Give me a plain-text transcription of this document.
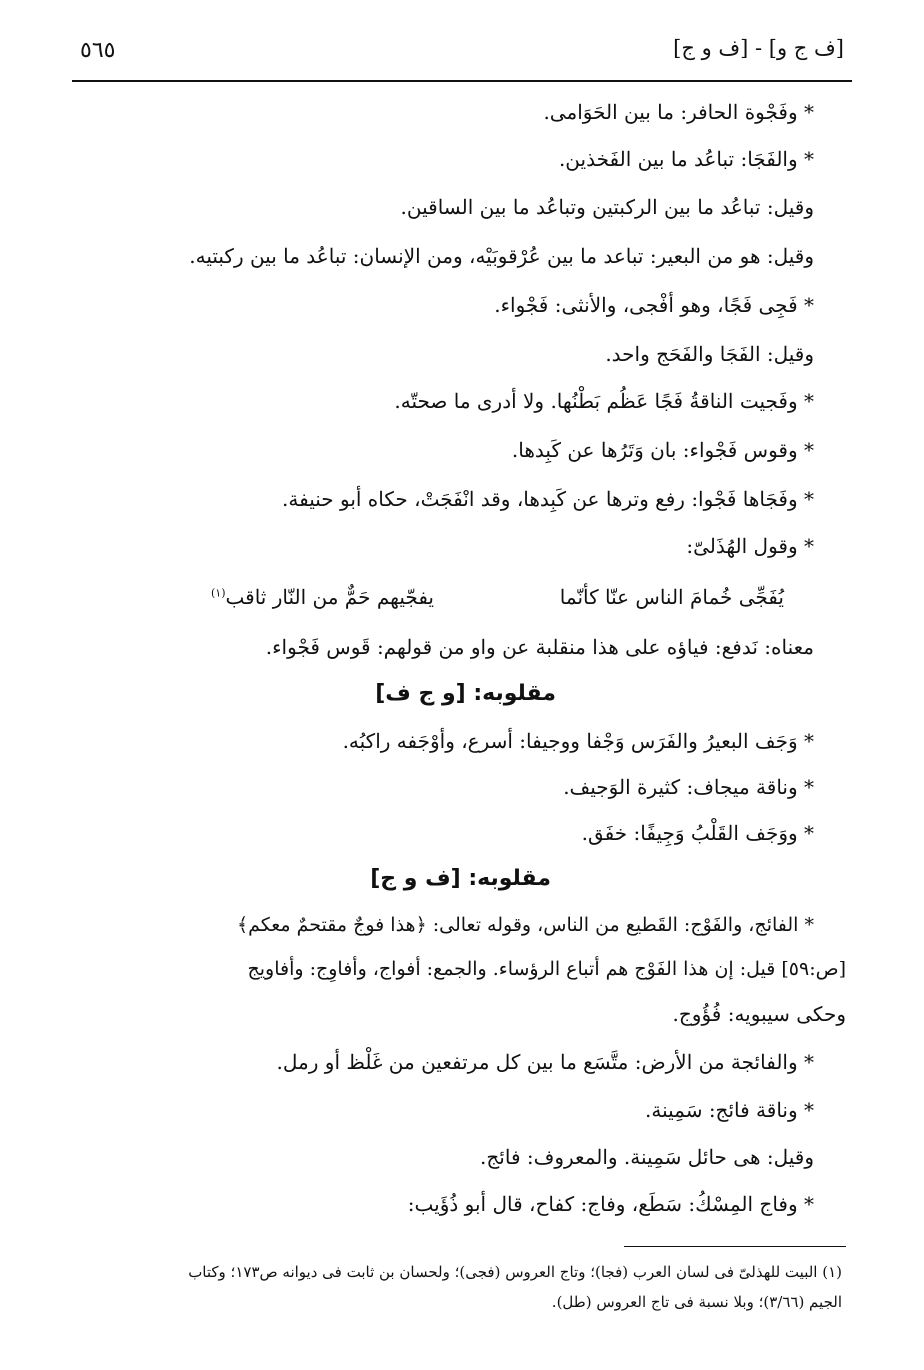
[ف ج و] - [ف و ج]
٥٦٥
* وفَجْوة الحافر: ما بين الحَوَامى.
* والفَجَا: تباعُد ما بين الفَخذين.
وقيل: تباعُد ما بين الركبتين وتباعُد ما بين الساقين.
وقيل: هو من البعير: تباعد ما بين عُرْقوبَيْه، ومن الإنسان: تباعُد ما بين ركبتيه.
* فَجِى فَجًا، وهو أفْجى، والأنثى: فَجْواء.
وقيل: الفَجَا والفَحَج واحد.
* وفَجيت الناقةُ فَجًا عَظُم بَطْنُها. ولا أدرى ما صحتّه.
* وقوس فَجْواء: بان وَتَرُها عن كَبِدها.
* وفَجَاها فَجْوا: رفع وترها عن كَبِدها، وقد انْفَجَتْ، حكاه أبو حنيفة.
* وقول الهُذَلىّ:
يُفَجِّى خُمامَ الناس عنّا كأنّما
يفجّيهم حَمٌّ من النّار ثاقب$^{(١)}$
معناه: نَدفع: فياؤه على هذا منقلبة عن واو من قولهم: قَوس فَجْواء.
مقلوبه: [و ج ف]
* وَجَف البعيرُ والفَرَس وَجْفا ووجيفا: أسرع، وأوْجَفه راكبُه.
* وناقة ميجاف: كثيرة الوَجيف.
* ووَجَف القَلْبُ وَجِيفًا: خفَق.
مقلوبه: [ف و ج]
* الفائج، والفَوْج: القَطيع من الناس، وقوله تعالى: ﴿هذا فوجٌ مقتحمٌ معكم﴾
[ص:٥٩] قيل: إن هذا الفَوْج هم أتباع الرؤساء. والجمع: أفواج، وأفاوِج: وأفاويج
وحكى سيبويه: فُؤُوج.
* والفائجة من الأرض: متَّسَع ما بين كل مرتفعين من غَلْظ أو رمل.
* وناقة فائج: سَمِينة.
وقيل: هى حائل سَمِينة. والمعروف: فائج.
* وفاج المِسْكُ: سَطَع، وفاج: كفاح، قال أبو ذُؤَيب:
(١) البيت للهذلىّ فى لسان العرب (فجا)؛ وتاج العروس (فجى)؛ ولحسان بن ثابت فى ديوانه ص١٧٣؛ وكتاب
الجيم (٣/٦٦)؛ وبلا نسبة فى تاج العروس (طل).
